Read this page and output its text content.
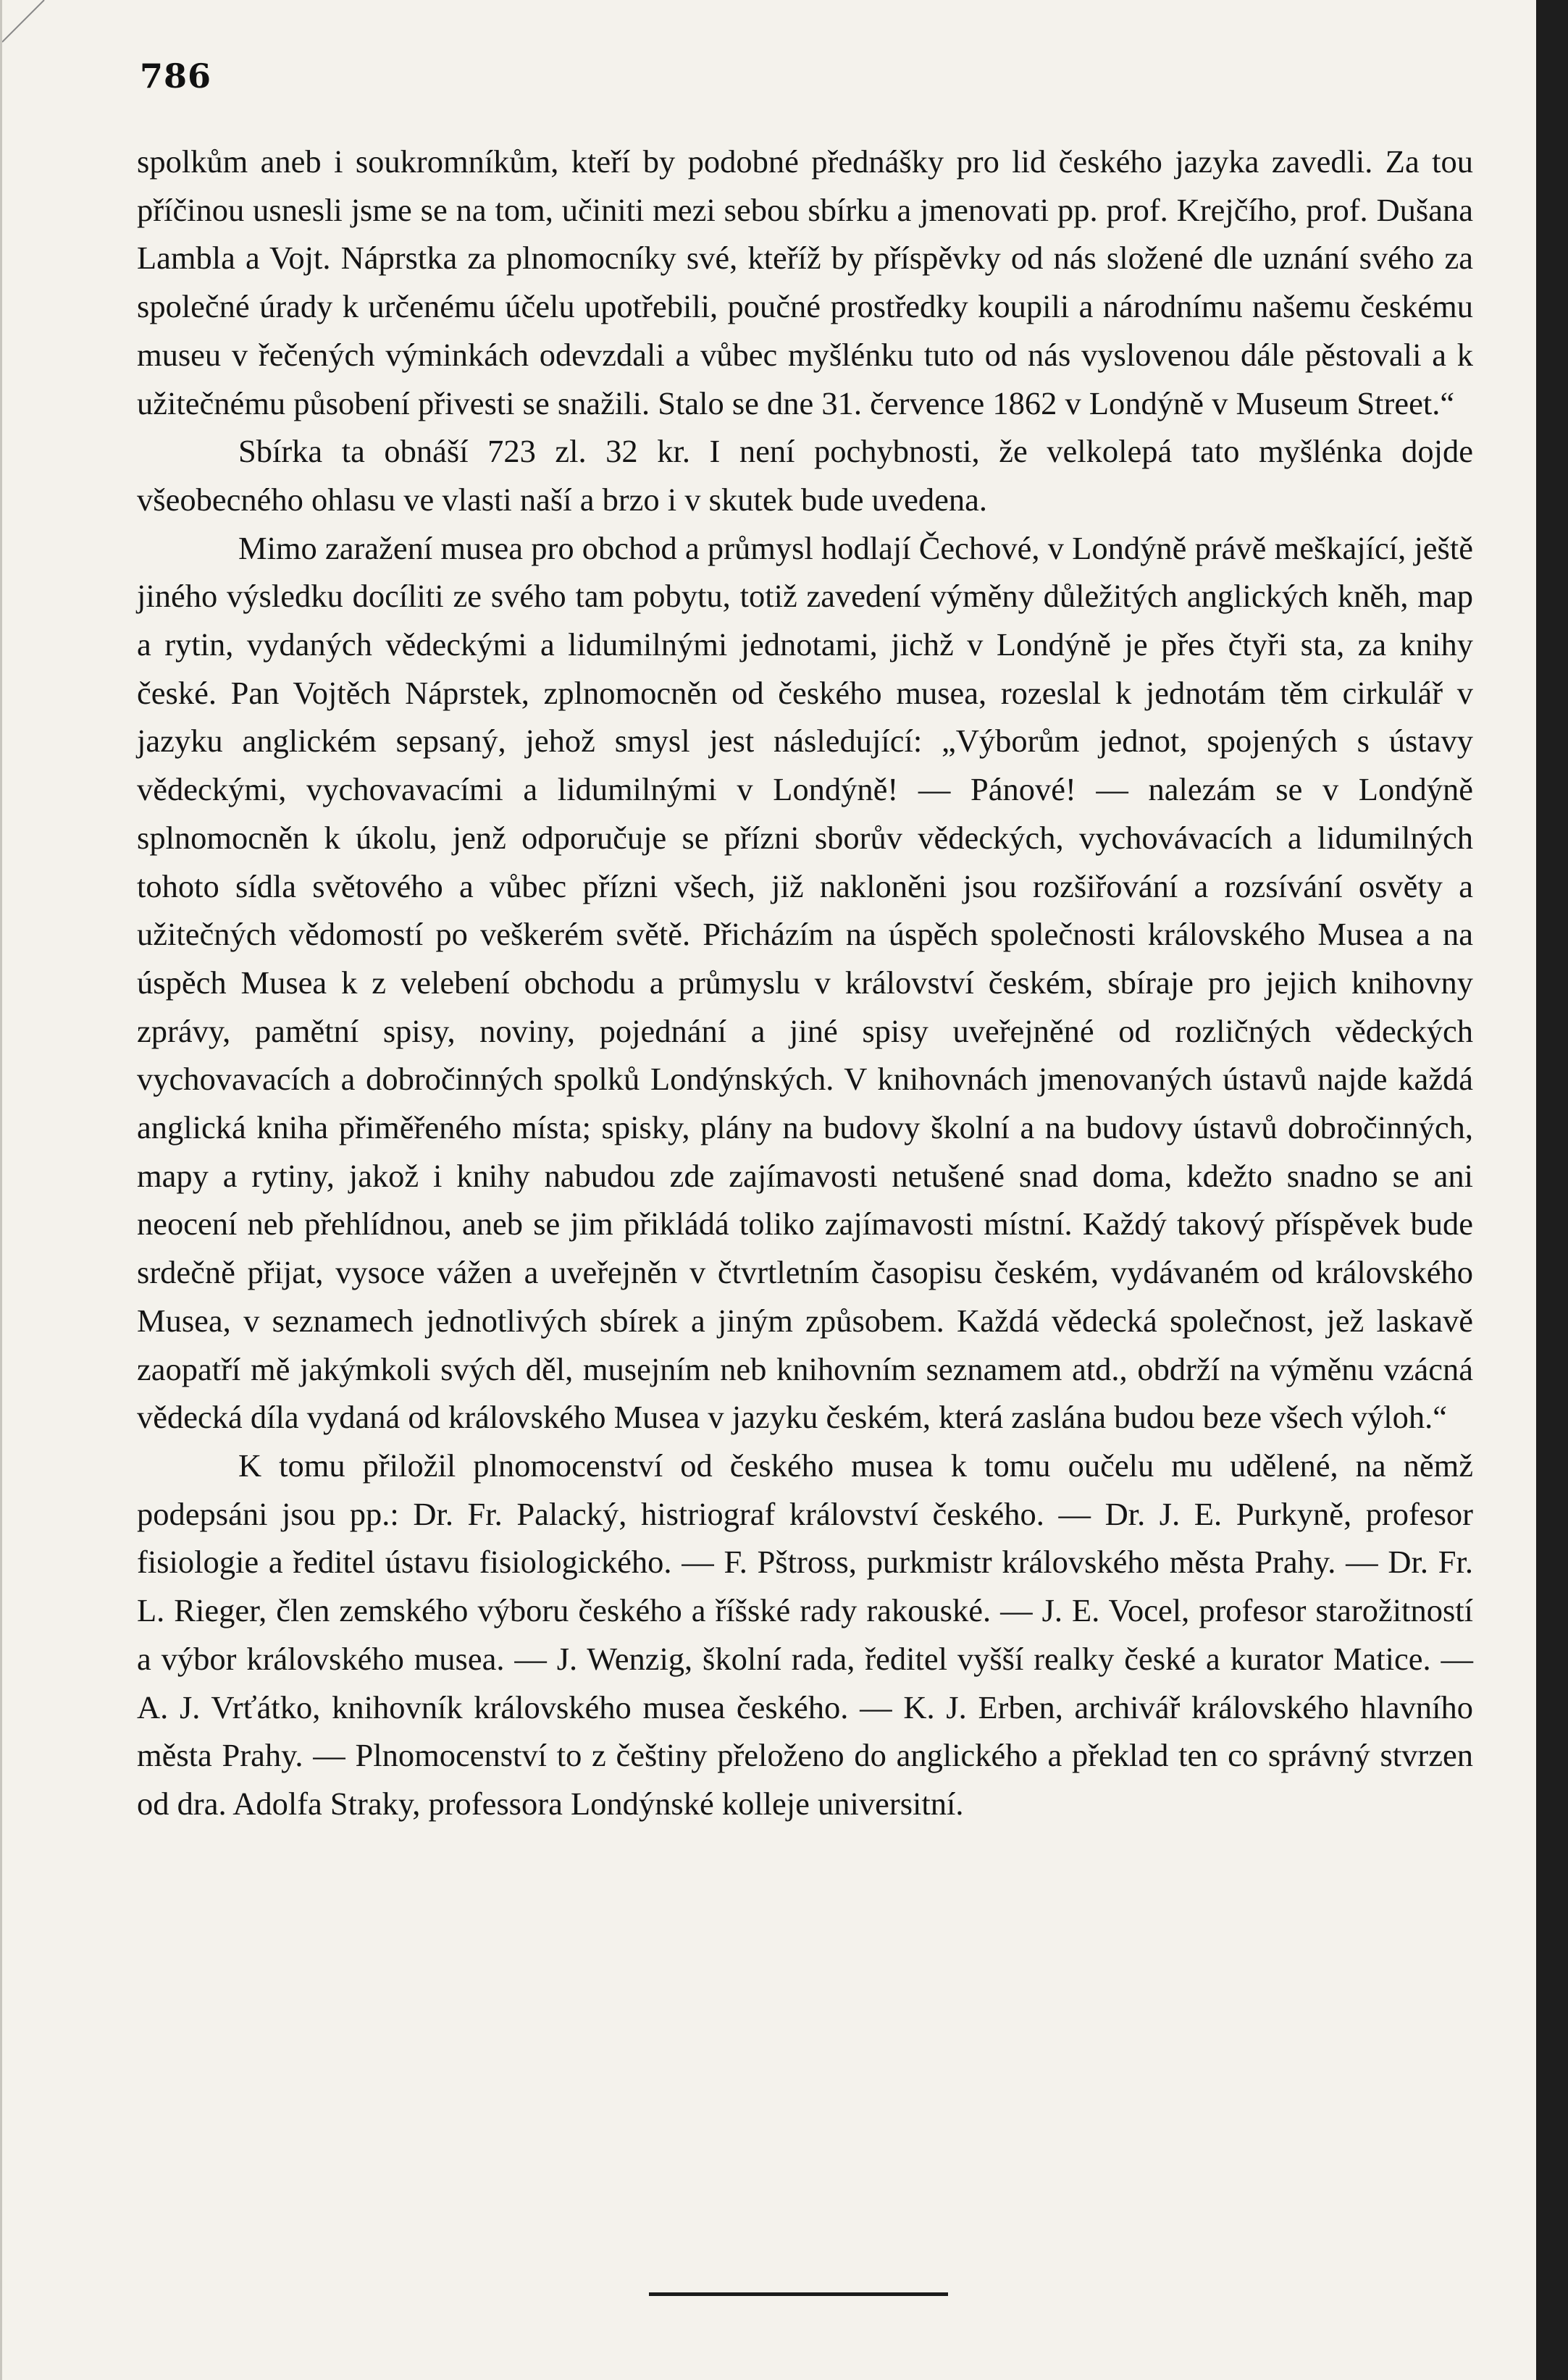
786

spolkům aneb i soukromníkům, kteří by podobné přednášky pro lid českého jazyka zavedli. Za tou příčinou usnesli jsme se na tom, učiniti mezi sebou sbírku a jmenovati pp. prof. Krejčího, prof. Dušana Lambla a Vojt. Náprstka za plnomocníky své, kteříž by příspěvky od nás složené dle uznání svého za společné úrady k určenému účelu upotřebili, poučné prostředky koupili a národnímu našemu českému museu v řečených výminkách odevzdali a vůbec myšlénku tuto od nás vyslovenou dále pěstovali a k užitečnému působení přivesti se snažili. Stalo se dne 31. července 1862 v Londýně v Museum Street.“

Sbírka ta obnáší 723 zl. 32 kr. I není pochybnosti, že velkolepá tato myšlénka dojde všeobecného ohlasu ve vlasti naší a brzo i v skutek bude uvedena.

Mimo zaražení musea pro obchod a průmysl hodlají Čechové, v Londýně právě meškající, ještě jiného výsledku docíliti ze svého tam pobytu, totiž zavedení výměny důležitých anglických kněh, map a rytin, vydaných vědeckými a lidumilnými jednotami, jichž v Londýně je přes čtyři sta, za knihy české. Pan Vojtěch Náprstek, zplnomocněn od českého musea, rozeslal k jednotám těm cirkulář v jazyku anglickém sepsaný, jehož smysl jest následující: „Výborům jednot, spojených s ústavy vědeckými, vychovavacími a lidumilnými v Londýně! — Pánové! — nalezám se v Londýně splnomocněn k úkolu, jenž odporučuje se přízni sborův vědeckých, vychovávacích a lidumilných tohoto sídla světového a vůbec přízni všech, již nakloněni jsou rozšiřování a rozsívání osvěty a užitečných vědomostí po veškerém světě. Přicházím na úspěch společnosti královského Musea a na úspěch Musea k z velebení obchodu a průmyslu v království českém, sbíraje pro jejich knihovny zprávy, pamětní spisy, noviny, pojednání a jiné spisy uveřejněné od rozličných vědeckých vychovavacích a dobročinných spolků Londýnských. V knihovnách jmenovaných ústavů najde každá anglická kniha přiměřeného místa; spisky, plány na budovy školní a na budovy ústavů dobročinných, mapy a rytiny, jakož i knihy nabudou zde zajímavosti netušené snad doma, kdežto snadno se ani neocení neb přehlídnou, aneb se jim přikládá toliko zajímavosti místní. Každý takový příspěvek bude srdečně přijat, vysoce vážen a uveřejněn v čtvrtletním časopisu českém, vydávaném od královského Musea, v seznamech jednotlivých sbírek a jiným způsobem. Každá vědecká společnost, jež laskavě zaopatří mě jakýmkoli svých děl, musejním neb knihovním seznamem atd., obdrží na výměnu vzácná vědecká díla vydaná od královského Musea v jazyku českém, která zaslána budou beze všech výloh.“

K tomu přiložil plnomocenství od českého musea k tomu oučelu mu udělené, na němž podepsáni jsou pp.: Dr. Fr. Palacký, histriograf království českého. — Dr. J. E. Purkyně, profesor fisiologie a ředitel ústavu fisiologického. — F. Pštross, purkmistr královského města Prahy. — Dr. Fr. L. Rieger, člen zemského výboru českého a říšské rady rakouské. — J. E. Vocel, profesor starožitností a výbor královského musea. — J. Wenzig, školní rada, ředitel vyšší realky české a kurator Matice. — A. J. Vrťátko, knihovník královského musea českého. — K. J. Erben, archivář královského hlavního města Prahy. — Plnomocenství to z češtiny přeloženo do anglického a překlad ten co správný stvrzen od dra. Adolfa Straky, professora Londýnské kolleje universitní.
